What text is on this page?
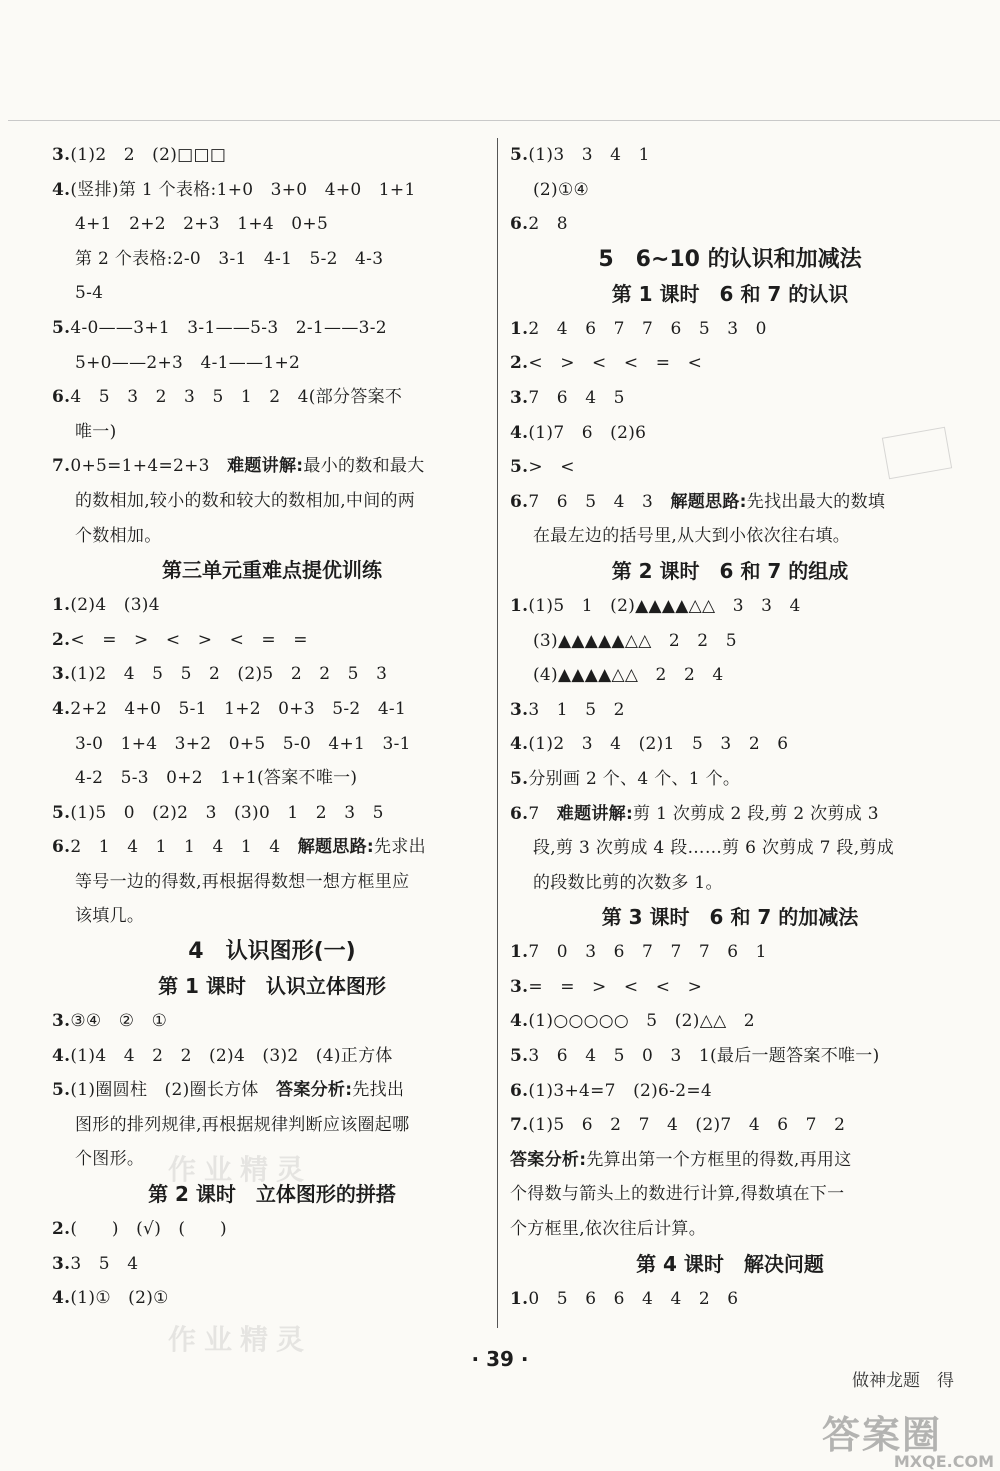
3.(1)2　2　(2)□□□
4.(竖排)第 1 个表格:1+0　3+0　4+0　1+1
4+1　2+2　2+3　1+4　0+5
第 2 个表格:2-0　3-1　4-1　5-2　4-3
5-4
5.4-0——3+1　3-1——5-3　2-1——3-2
5+0——2+3　4-1——1+2
6.4　5　3　2　3　5　1　2　4(部分答案不
唯一)
7.0+5=1+4=2+3　难题讲解:最小的数和最大
的数相加,较小的数和较大的数相加,中间的两
个数相加。
第三单元重难点提优训练
1.(2)4　(3)4
2.<　=　>　<　>　<　=　=
3.(1)2　4　5　5　2　(2)5　2　2　5　3
4.2+2　4+0　5-1　1+2　0+3　5-2　4-1
3-0　1+4　3+2　0+5　5-0　4+1　3-1
4-2　5-3　0+2　1+1(答案不唯一)
5.(1)5　0　(2)2　3　(3)0　1　2　3　5
6.2　1　4　1　1　4　1　4　解题思路:先求出
等号一边的得数,再根据得数想一想方框里应
该填几。
4　认识图形(一)
第 1 课时　认识立体图形
3.③④　②　①
4.(1)4　4　2　2　(2)4　(3)2　(4)正方体
5.(1)圈圆柱　(2)圈长方体　答案分析:先找出
图形的排列规律,再根据规律判断应该圈起哪
个图形。
第 2 课时　立体图形的拼搭
2.(　　)　(√)　(　　)
3.3　5　4
4.(1)①　(2)①
5.(1)3　3　4　1
(2)①④
6.2　8
5　6~10 的认识和加减法
第 1 课时　6 和 7 的认识
1.2　4　6　7　7　6　5　3　0
2.<　>　<　<　=　<
3.7　6　4　5
4.(1)7　6　(2)6
5.>　<
6.7　6　5　4　3　解题思路:先找出最大的数填
在最左边的括号里,从大到小依次往右填。
第 2 课时　6 和 7 的组成
1.(1)5　1　(2)▲▲▲▲△△　3　3　4
(3)▲▲▲▲▲△△　2　2　5
(4)▲▲▲▲△△　2　2　4
3.3　1　5　2
4.(1)2　3　4　(2)1　5　3　2　6
5.分别画 2 个、4 个、1 个。
6.7　难题讲解:剪 1 次剪成 2 段,剪 2 次剪成 3
段,剪 3 次剪成 4 段……剪 6 次剪成 7 段,剪成
的段数比剪的次数多 1。
第 3 课时　6 和 7 的加减法
1.7　0　3　6　7　7　7　6　1
3.=　=　>　<　<　>
4.(1)○○○○○　5　(2)△△　2
5.3　6　4　5　0　3　1(最后一题答案不唯一)
6.(1)3+4=7　(2)6-2=4
7.(1)5　6　2　7　4　(2)7　4　6　7　2
答案分析:先算出第一个方框里的得数,再用这
个得数与箭头上的数进行计算,得数填在下一
个方框里,依次往后计算。
第 4 课时　解决问题
1.0　5　6　6　4　4　2　6
作业精灵
作业精灵
· 39 ·
做神龙题　得
答案圈
MXQE.COM
